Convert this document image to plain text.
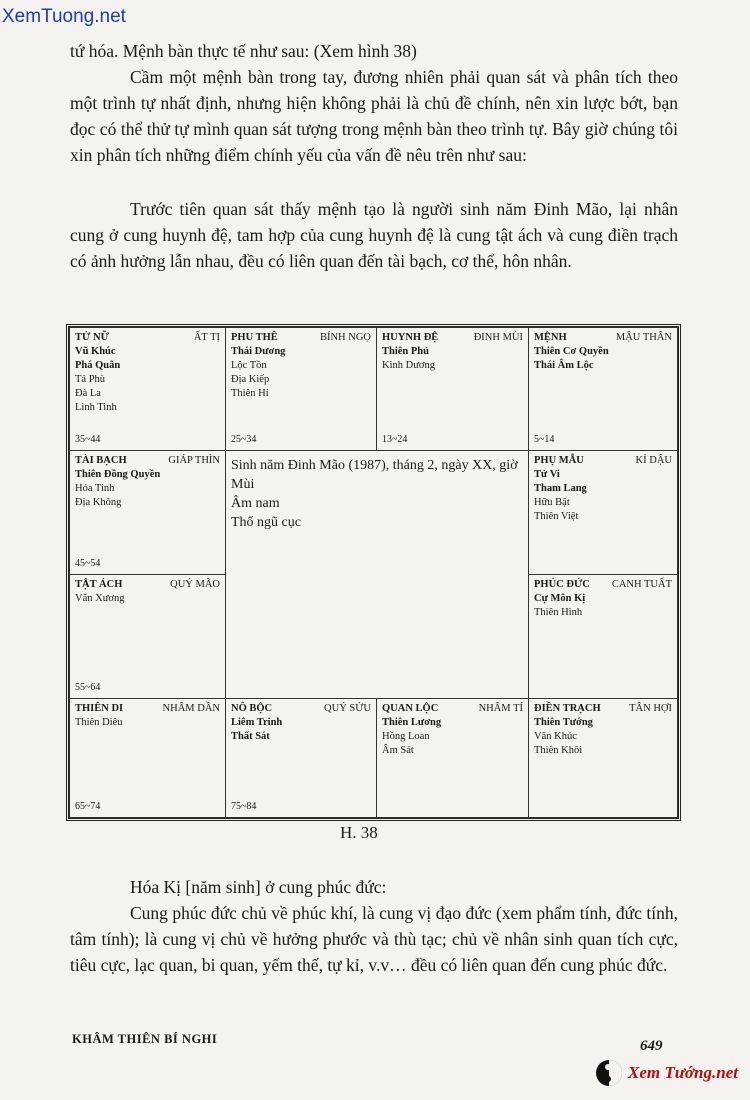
XemTuong.net
tứ hóa. Mệnh bàn thực tế như sau: (Xem hình 38)
Cầm một mệnh bàn trong tay, đương nhiên phải quan sát và phân tích theo một trình tự nhất định, nhưng hiện không phải là chủ đề chính, nên xin lược bớt, bạn đọc có thể thử tự mình quan sát tượng trong mệnh bàn theo trình tự. Bây giờ chúng tôi xin phân tích những điểm chính yếu của vấn đề nêu trên như sau:
Trước tiên quan sát thấy mệnh tạo là người sinh năm Đinh Mão, lại nhân cung ở cung huynh đệ, tam hợp của cung huynh đệ là cung tật ách và cung điền trạch có ảnh hưởng lẫn nhau, đều có liên quan đến tài bạch, cơ thể, hôn nhân.
TỬ NỮ	ẤT TỊ
Vũ Khúc
Phá Quân
Tả Phù
Đà La
Linh Tinh
35~44
PHU THÊ	BÍNH NGỌ
Thái Dương
Lộc Tồn
Địa Kiếp
Thiên Hỉ
25~34
HUYNH ĐỆ	ĐINH MÙI
Thiên Phủ
Kình Dương
13~24
MỆNH	MẬU THÂN
Thiên Cơ Quyền
Thái Âm Lộc
5~14
TÀI BẠCH	GIÁP THÌN
Thiên Đồng Quyền
Hỏa Tinh
Địa Không
45~54
PHỤ MẪU	KỈ DẬU
Tử Vi
Tham Lang
Hữu Bật
Thiên Việt
TẬT ÁCH	QUÝ MÃO
Văn Xương
55~64
PHÚC ĐỨC CANH TUẤT
Cự Môn Kị
Thiên Hình
THIÊN DI	NHÂM DẦN
Thiên Diêu
65~74
NÔ BỘC	QUÝ SỬU
Liêm Trinh
Thất Sát
75~84
QUAN LỘC	NHÂM TÍ
Thiên Lương
Hồng Loan
Âm Sát
ĐIỀN TRẠCH	TÂN HỢI
Thiên Tướng
Văn Khúc
Thiên Khôi
Sinh năm Đinh Mão (1987), tháng 2, ngày XX, giờ Mùi
Âm nam
Thổ ngũ cục
H. 38
Hóa Kị [năm sinh] ở cung phúc đức:
Cung phúc đức chủ về phúc khí, là cung vị đạo đức (xem phẩm tính, đức tính, tâm tính); là cung vị chủ về hưởng phước và thù tạc; chủ về nhân sinh quan tích cực, tiêu cực, lạc quan, bi quan, yếm thế, tự kỉ, v.v… đều có liên quan đến cung phúc đức.
KHÂM THIÊN BÍ NGHI	649
Xem Tướng.net
